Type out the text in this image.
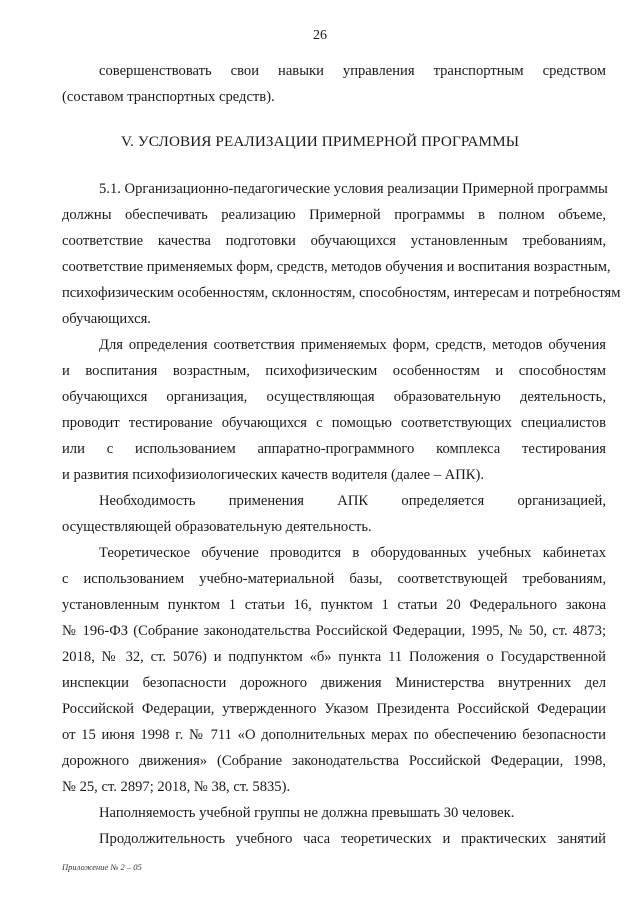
26
совершенствовать свои навыки управления транспортным средством
(составом транспортных средств).
V. УСЛОВИЯ РЕАЛИЗАЦИИ ПРИМЕРНОЙ ПРОГРАММЫ
5.1. Организационно-педагогические условия реализации Примерной программы
должны обеспечивать реализацию Примерной программы в полном объеме,
соответствие качества подготовки обучающихся установленным требованиям,
соответствие применяемых форм, средств, методов обучения и воспитания возрастным,
психофизическим особенностям, склонностям, способностям, интересам и потребностям
обучающихся.
Для определения соответствия применяемых форм, средств, методов обучения
и воспитания возрастным, психофизическим особенностям и способностям
обучающихся организация, осуществляющая образовательную деятельность,
проводит тестирование обучающихся с помощью соответствующих специалистов
или с использованием аппаратно-программного комплекса тестирования
и развития психофизиологических качеств водителя (далее – АПК).
Необходимость применения АПК определяется организацией,
осуществляющей образовательную деятельность.
Теоретическое обучение проводится в оборудованных учебных кабинетах
с использованием учебно-материальной базы, соответствующей требованиям,
установленным пунктом 1 статьи 16, пунктом 1 статьи 20 Федерального закона
№ 196-ФЗ (Собрание законодательства Российской Федерации, 1995, № 50, ст. 4873;
2018, № 32, ст. 5076) и подпунктом «б» пункта 11 Положения о Государственной
инспекции безопасности дорожного движения Министерства внутренних дел
Российской Федерации, утвержденного Указом Президента Российской Федерации
от 15 июня 1998 г. № 711 «О дополнительных мерах по обеспечению безопасности
дорожного движения» (Собрание законодательства Российской Федерации, 1998,
№ 25, ст. 2897; 2018, № 38, ст. 5835).
Наполняемость учебной группы не должна превышать 30 человек.
Продолжительность учебного часа теоретических и практических занятий
Приложение № 2 – 05
